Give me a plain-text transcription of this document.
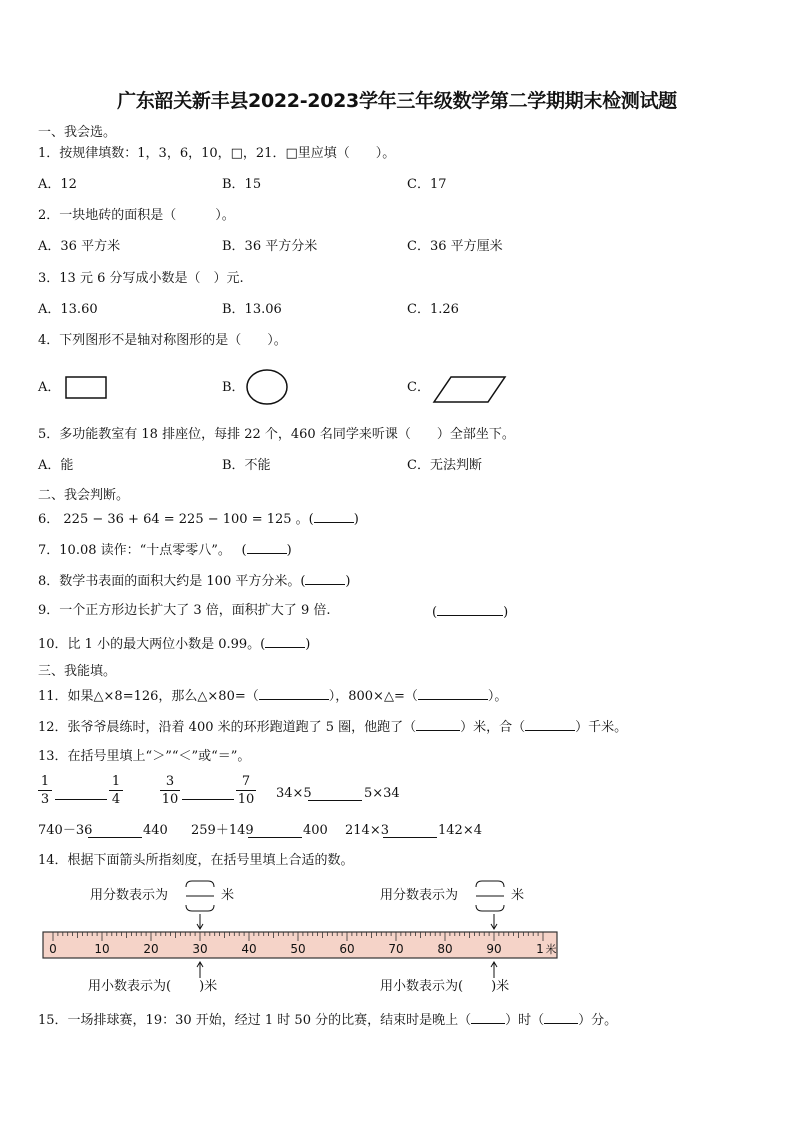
广东韶关新丰县2022-2023学年三年级数学第二学期期末检测试题
一、我会选。
1．按规律填数：1，3，6，10，□，21．□里应填（　　）。
A．12	B．15	C．17
2．一块地砖的面积是（　　　）。
A．36 平方米	B．36 平方分米	C．36 平方厘米
3．13 元 6 分写成小数是（　）元.
A．13.60	B．13.06	C．1.26
4．下列图形不是轴对称图形的是（　　）。
A．	B．	C．
5．多功能教室有 18 排座位，每排 22 个，460 名同学来听课（　　）全部坐下。
A．能	B．不能	C．无法判断
二、我会判断。
6． 225 − 36 + 64 = 225 − 100 = 125 。(	)
7．10.08 读作：“十点零零八”。　 (	)
8．数学书表面的面积大约是 100 平方分米。(	)
9．一个正方形边长扩大了 3 倍，面积扩大了 9 倍.	(	)
10．比 1 小的最大两位小数是 0.99。(	)
三、我能填。
11．如果△×8=126，那么△×80=（	），800×△=（	）。
12．张爷爷晨练时，沿着 400 米的环形跑道跑了 5 圈，他跑了（	）米，合（	）千米。
13．在括号里填上“＞”“＜”或“＝”。
1
3
1
4
3
10
7
10 34×5	5×34
740－36	440 259＋149	400 214×3	142×4
14．根据下面箭头所指刻度，在括号里填上合适的数。
用分数表示为	米	用分数表示为	米
0	10	20	30	40	50	60	70	80	90	1 米
用小数表示为( )米	用小数表示为( )米
15．一场排球赛，19：30 开始，经过 1 时 50 分的比赛，结束时是晚上（	）时（	）分。
